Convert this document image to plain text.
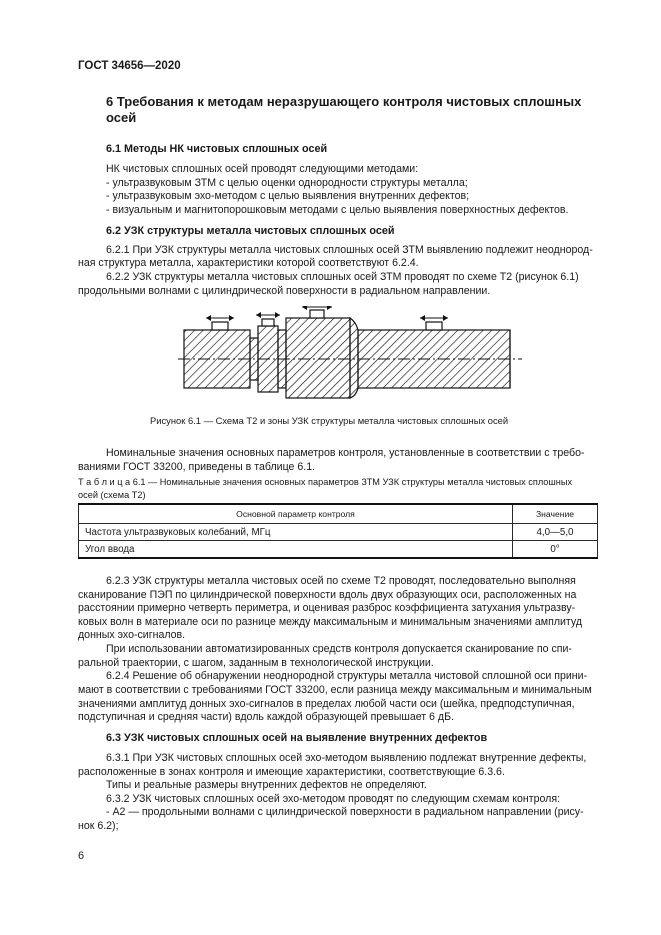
ГОСТ 34656—2020
6 Требования к методам неразрушающего контроля чистовых сплошных осей
6.1 Методы НК чистовых сплошных осей
НК чистовых сплошных осей проводят следующими методами:
- ультразвуковым ЗТМ с целью оценки однородности структуры металла;
- ультразвуковым эхо-методом с целью выявления внутренних дефектов;
- визуальным и магнитопорошковым методами с целью выявления поверхностных дефектов.
6.2 УЗК структуры металла чистовых сплошных осей
6.2.1 При УЗК структуры металла чистовых сплошных осей ЗТМ выявлению подлежит неоднород-
ная структура металла, характеристики которой соответствуют 6.2.4.
6.2.2 УЗК структуры металла чистовых сплошных осей ЗТМ проводят по схеме Т2 (рисунок 6.1)
продольными волнами с цилиндрической поверхности в радиальном направлении.
Рисунок 6.1 — Схема Т2 и зоны УЗК структуры металла чистовых сплошных осей
Номинальные значения основных параметров контроля, установленные в соответствии с требо-
ваниями ГОСТ 33200, приведены в таблице 6.1.
Т а б л и ц а 6.1 — Номинальные значения основных параметров ЗТМ УЗК структуры металла чистовых сплошных
осей (схема Т2)
Основной параметр контроля	Значение
Частота ультразвуковых колебаний, МГц	4,0—5,0
Угол ввода	0°
6.2.3 УЗК структуры металла чистовых осей по схеме Т2 проводят, последовательно выполняя
сканирование ПЭП по цилиндрической поверхности вдоль двух образующих оси, расположенных на
расстоянии примерно четверть периметра, и оценивая разброс коэффициента затухания ультразву-
ковых волн в материале оси по разнице между максимальным и минимальным значениями амплитуд
донных эхо-сигналов.
При использовании автоматизированных средств контроля допускается сканирование по спи-
ральной траектории, с шагом, заданным в технологической инструкции.
6.2.4 Решение об обнаружении неоднородной структуры металла чистовой сплошной оси прини-
мают в соответствии с требованиями ГОСТ 33200, если разница между максимальным и минимальным
значениями амплитуд донных эхо-сигналов в пределах любой части оси (шейка, предподступичная,
подступичная и средняя части) вдоль каждой образующей превышает 6 дБ.
6.3 УЗК чистовых сплошных осей на выявление внутренних дефектов
6.3.1 При УЗК чистовых сплошных осей эхо-методом выявлению подлежат внутренние дефекты,
расположенные в зонах контроля и имеющие характеристики, соответствующие 6.3.6.
Типы и реальные размеры внутренних дефектов не определяют.
6.3.2 УЗК чистовых сплошных осей эхо-методом проводят по следующим схемам контроля:
- А2 — продольными волнами с цилиндрической поверхности в радиальном направлении (рису-
нок 6.2);
6
